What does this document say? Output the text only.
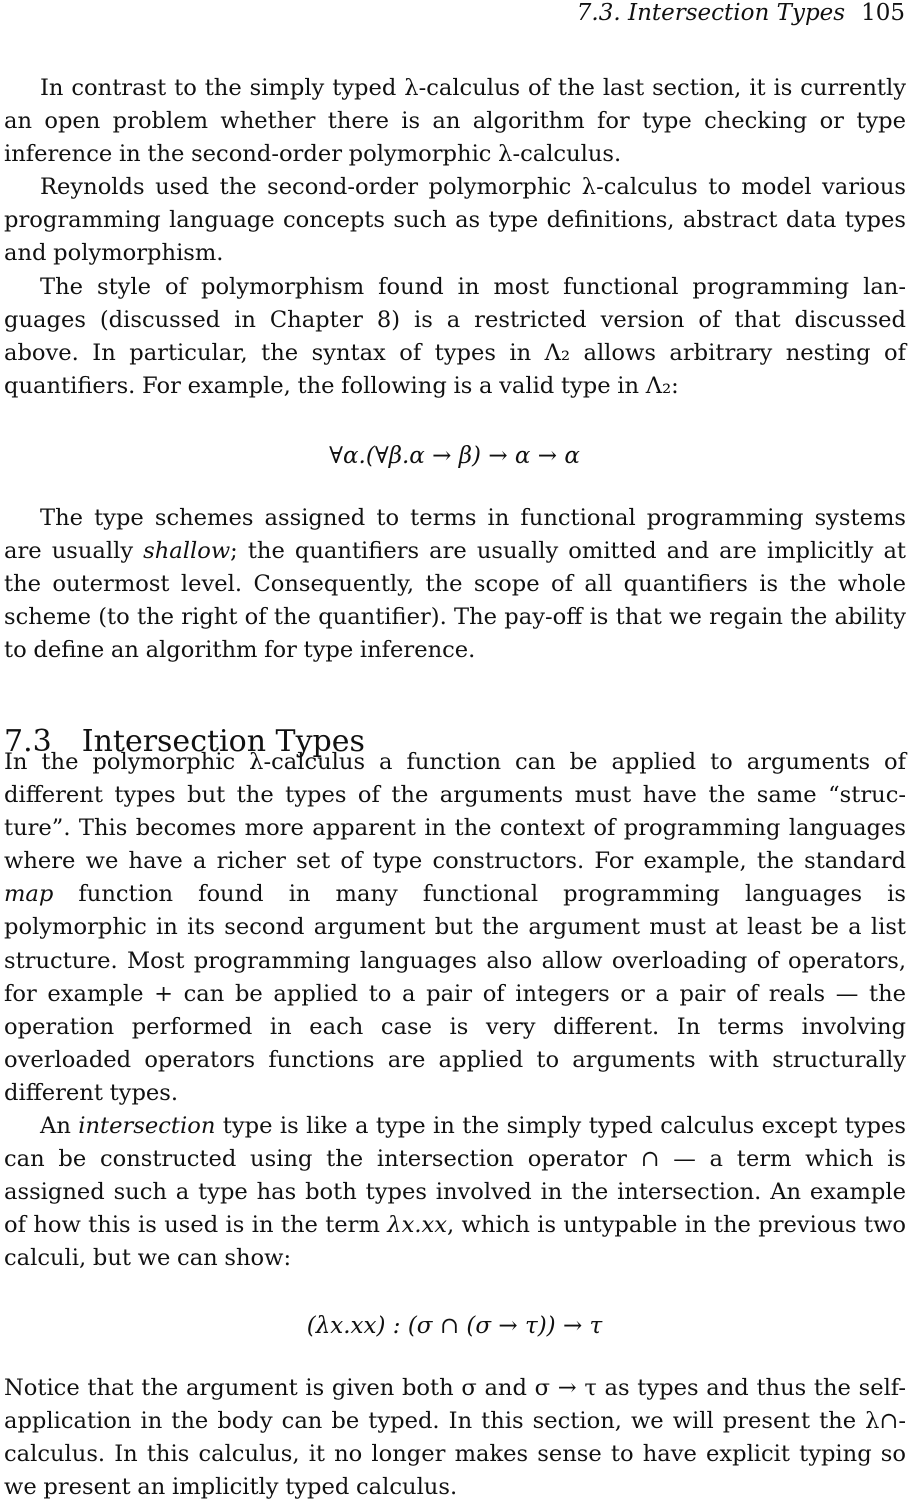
7.3. Intersection Types 105

In contrast to the simply typed λ-calculus of the last section, it is currently an open problem whether there is an algorithm for type checking or type inference in the second-order polymorphic λ-calculus.

Reynolds used the second-order polymorphic λ-calculus to model various programming language concepts such as type definitions, abstract data types and polymorphism.

The style of polymorphism found in most functional programming languages (discussed in Chapter 8) is a restricted version of that discussed above. In particular, the syntax of types in Λ₂ allows arbitrary nesting of quantifiers. For example, the following is a valid type in Λ₂:

∀α.(∀β.α → β) → α → α

The type schemes assigned to terms in functional programming systems are usually shallow; the quantifiers are usually omitted and are implicitly at the outermost level. Consequently, the scope of all quantifiers is the whole scheme (to the right of the quantifier). The pay-off is that we regain the ability to define an algorithm for type inference.

7.3 Intersection Types

In the polymorphic λ-calculus a function can be applied to arguments of different types but the types of the arguments must have the same “structure”. This becomes more apparent in the context of programming languages where we have a richer set of type constructors. For example, the standard map function found in many functional programming languages is polymorphic in its second argument but the argument must at least be a list structure. Most programming languages also allow overloading of operators, for example + can be applied to a pair of integers or a pair of reals — the operation performed in each case is very different. In terms involving overloaded operators functions are applied to arguments with structurally different types.

An intersection type is like a type in the simply typed calculus except types can be constructed using the intersection operator ∩ — a term which is assigned such a type has both types involved in the intersection. An example of how this is used is in the term λx.xx, which is untypable in the previous two calculi, but we can show:

(λx.xx) : (σ ∩ (σ → τ)) → τ

Notice that the argument is given both σ and σ → τ as types and thus the self-application in the body can be typed. In this section, we will present the λ∩-calculus. In this calculus, it no longer makes sense to have explicit typing so we present an implicitly typed calculus.
